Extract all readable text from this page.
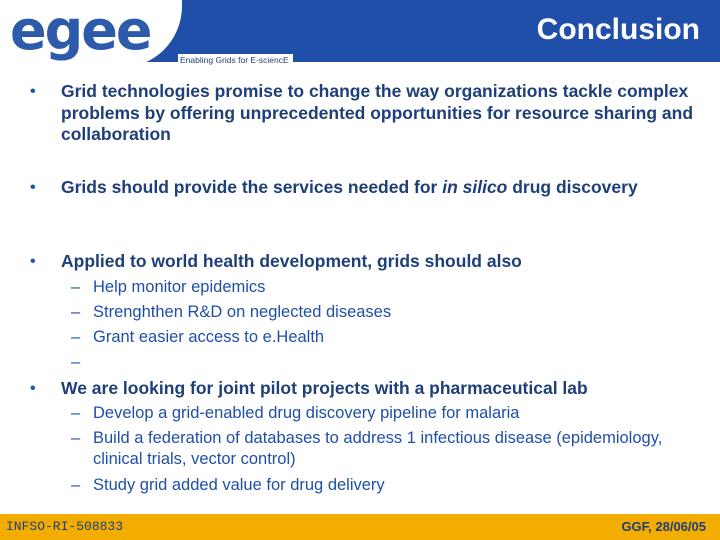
egee	Enabling Grids for E-sciencE
Conclusion
• Grid technologies promise to change the way organizations tackle complex problems by offering unprecedented opportunities for resource sharing and collaboration
• Grids should provide the services needed for in silico drug discovery
• Applied to world health development, grids should also
– Help monitor epidemics
– Strenghthen R&D on neglected diseases
– Grant easier access to e.Health
–
• We are looking for joint pilot projects with a pharmaceutical lab
– Develop a grid-enabled drug discovery pipeline for malaria
– Build a federation of databases to address 1 infectious disease (epidemiology, clinical trials, vector control)
– Study grid added value for drug delivery
INFSO-RI-508833	GGF, 28/06/05
